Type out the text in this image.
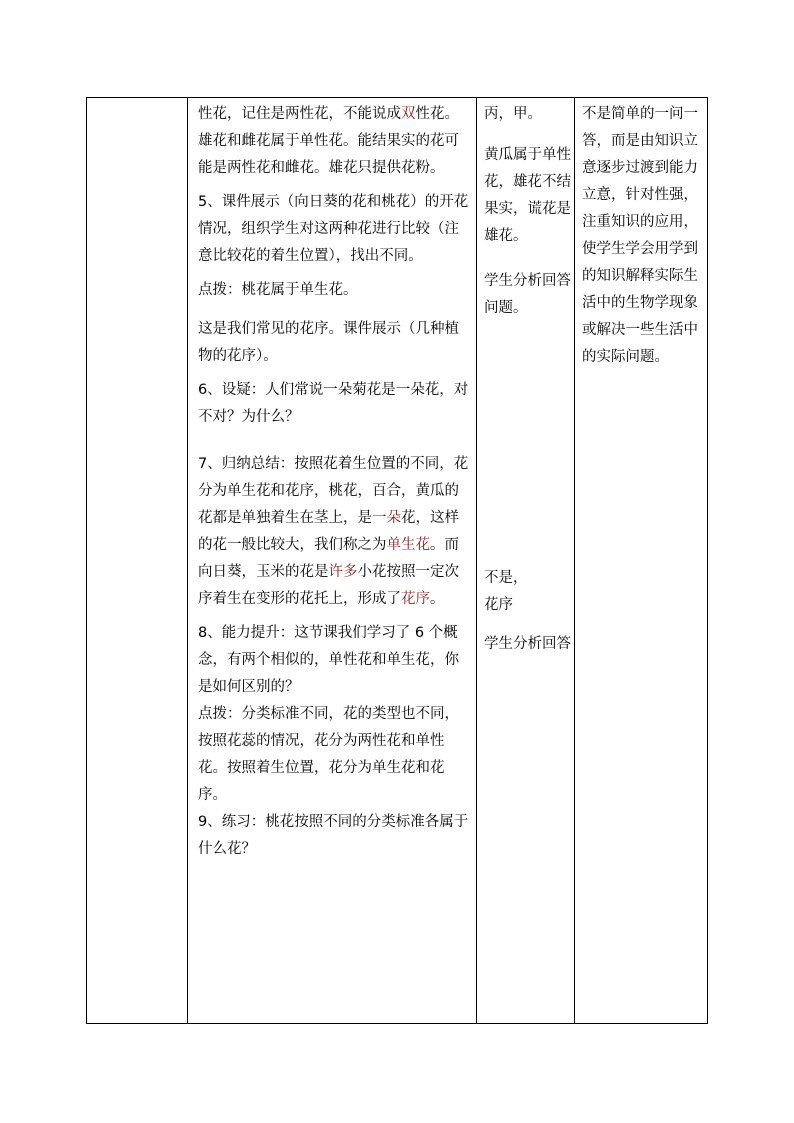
性花，记住是两性花，不能说成双性花。雄花和雌花属于单性花。能结果实的花可能是两性花和雌花。雄花只提供花粉。

5、课件展示（向日葵的花和桃花）的开花情况，组织学生对这两种花进行比较（注意比较花的着生位置），找出不同。

点拨：桃花属于单生花。

这是我们常见的花序。课件展示（几种植物的花序）。

6、设疑：人们常说一朵菊花是一朵花，对不对？为什么？

7、归纳总结：按照花着生位置的不同，花分为单生花和花序，桃花，百合，黄瓜的花都是单独着生在茎上，是一朵花，这样的花一般比较大，我们称之为单生花。而向日葵，玉米的花是许多小花按照一定次序着生在变形的花托上，形成了花序。

8、能力提升：这节课我们学习了 6 个概念，有两个相似的，单性花和单生花，你是如何区别的？

点拨：分类标准不同，花的类型也不同，按照花蕊的情况，花分为两性花和单性花。按照着生位置，花分为单生花和花序。

9、练习：桃花按照不同的分类标准各属于什么花？

丙，甲。

黄瓜属于单性花，雄花不结果实，谎花是雄花。

学生分析回答问题。

不是，

花序

学生分析回答

不是简单的一问一答，而是由知识立意逐步过渡到能力立意，针对性强，注重知识的应用，使学生学会用学到的知识解释实际生活中的生物学现象或解决一些生活中的实际问题。
